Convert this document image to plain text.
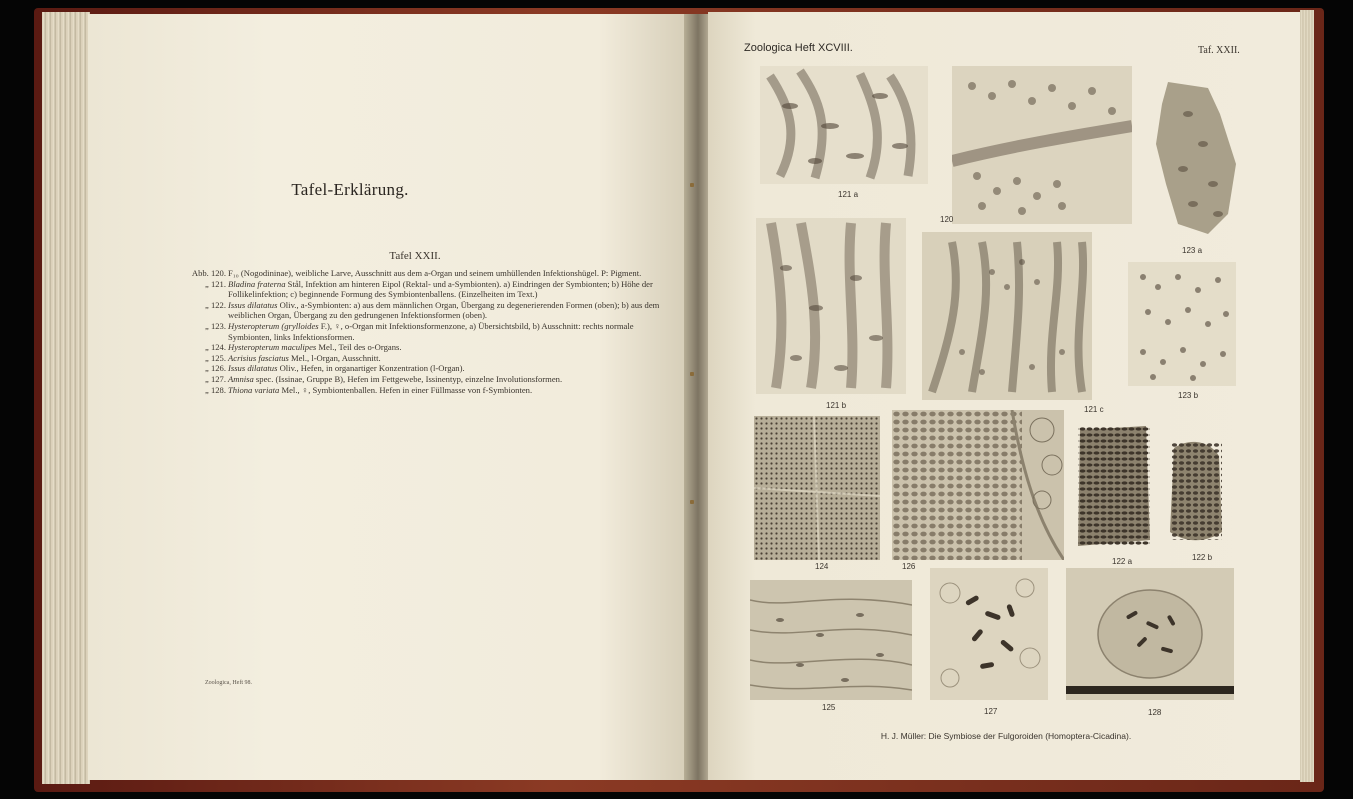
Tafel-Erklärung.
Tafel XXII.

Abb. 120. F₁₀ (Nogodininae), weibliche Larve, Ausschnitt aus dem a-Organ und seinem umhüllenden Infektionshügel. P: Pigment.

„ 121. Bladina fraterna Stål, Infektion am hinteren Eipol (Rektal- und a-Symbionten). a) Eindringen der Symbionten; b) Höhe der Follikelinfektion; c) beginnende Formung des Symbiontenballens. (Einzelheiten im Text.)

„ 122. Issus dilatatus Oliv., a-Symbionten: a) aus dem männlichen Organ, Übergang zu degenerierenden Formen (oben); b) aus dem weiblichen Organ, Übergang zu den gedrungenen Infektionsformen (oben).

„ 123. Hysteropterum (grylloides F.), ♀, o-Organ mit Infektionsformenzone, a) Übersichtsbild, b) Ausschnitt: rechts normale Symbionten, links Infektionsformen.

„ 124. Hysteropterum maculipes Mel., Teil des o-Organs.

„ 125. Acrisius fasciatus Mel., l-Organ, Ausschnitt.

„ 126. Issus dilatatus Oliv., Hefen, in organartiger Konzentration (l-Organ).

„ 127. Amnisa spec. (Issinae, Gruppe B), Hefen im Fettgewebe, Issinentyp, einzelne Involutionsformen.

„ 128. Thiona variata Mel., ♀, Symbiontenballen. Hefen in einer Füllmasse von f-Symbionten.

Zoologica, Heft 98.
Zoologica Heft XCVIII.	Taf. XXII.
121 a
120
123 a
121 b	121 c
123 b
124	126
122 a	122 b
125	127	128
H. J. Müller: Die Symbiose der Fulgoroiden (Homoptera-Cicadina).
